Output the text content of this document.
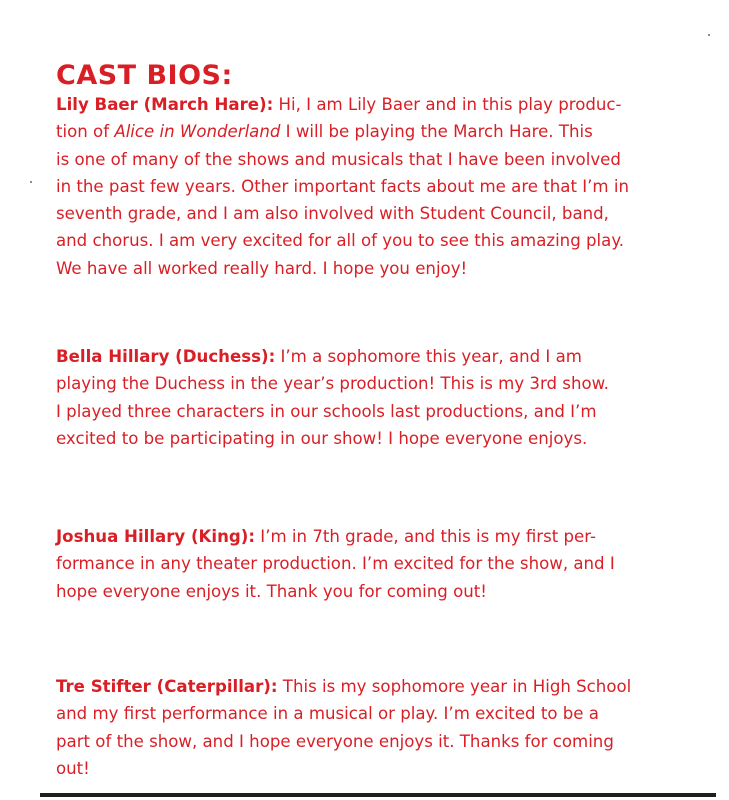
CAST BIOS:

Lily Baer (March Hare): Hi, I am Lily Baer and in this play produc-
tion of Alice in Wonderland I will be playing the March Hare. This
is one of many of the shows and musicals that I have been involved
in the past few years. Other important facts about me are that I’m in
seventh grade, and I am also involved with Student Council, band,
and chorus. I am very excited for all of you to see this amazing play.
We have all worked really hard. I hope you enjoy!

Bella Hillary (Duchess): I’m a sophomore this year, and I am
playing the Duchess in the year’s production! This is my 3rd show.
I played three characters in our schools last productions, and I’m
excited to be participating in our show! I hope everyone enjoys.

Joshua Hillary (King): I’m in 7th grade, and this is my first per-
formance in any theater production. I’m excited for the show, and I
hope everyone enjoys it. Thank you for coming out!

Tre Stifter (Caterpillar): This is my sophomore year in High School
and my first performance in a musical or play. I’m excited to be a
part of the show, and I hope everyone enjoys it. Thanks for coming
out!
